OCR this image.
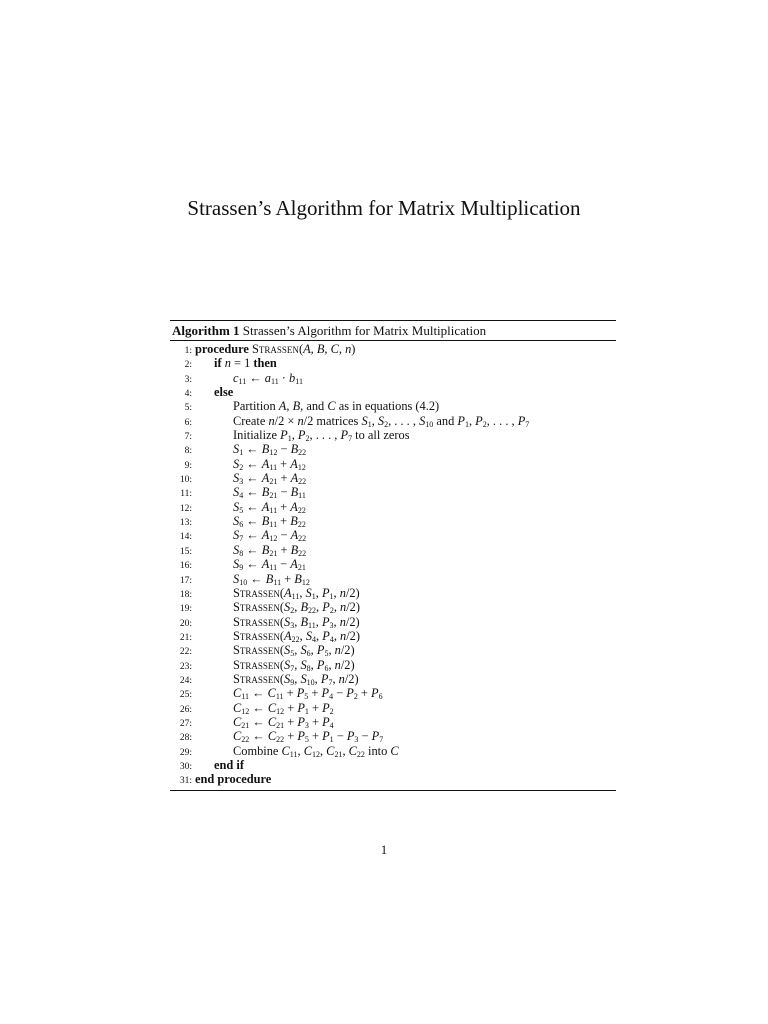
Strassen’s Algorithm for Matrix Multiplication
Algorithm 1 Strassen’s Algorithm for Matrix Multiplication
1: procedure Strassen(A, B, C, n)
2:	if n = 1 then
3:	$c_{11}$ ← $a_{11} \cdot b_{11}$
4:	else
5:	Partition A, B, and C as in equations (4.2)
6:	Create n/2 × n/2 matrices $S_1$, $S_2$, . . . , $S_{10}$ and $P_1$, $P_2$, . . . , $P_7$
7:	Initialize $P_1$, $P_2$, . . . , $P_7$ to all zeros
8:	$S_1$ ← $B_{12} - B_{22}$
9:	$S_2$ ← $A_{11} + A_{12}$
10:	$S_3$ ← $A_{21} + A_{22}$
11:	$S_4$ ← $B_{21} - B_{11}$
12:	$S_5$ ← $A_{11} + A_{22}$
13:	$S_6$ ← $B_{11} + B_{22}$
14:	$S_7$ ← $A_{12} - A_{22}$
15:	$S_8$ ← $B_{21} + B_{22}$
16:	$S_9$ ← $A_{11} - A_{21}$
17:	$S_{10}$ ← $B_{11} + B_{12}$
18:	$Strassen(A_{11}$, $S_1$, $P_1$, n/2)
19:	$Strassen(S_2$, $B_{22}$, $P_2$, n/2)
20:	$Strassen(S_3$, $B_{11}$, $P_3$, n/2)
21:	$Strassen(A_{22}$, $S_4$, $P_4$, n/2)
22:	$Strassen(S_5$, $S_6$, $P_5$, n/2)
23:	$Strassen(S_7$, $S_8$, $P_6$, n/2)
24:	$Strassen(S_9$, $S_{10}$, $P_7$, n/2)
25:	$C_{11}$ ← $C_{11} + P_5 + P_4 - P_2 + P_6$
26:	$C_{12}$ ← $C_{12} + P_1 + P_2$
27:	$C_{21}$ ← $C_{21} + P_3 + P_4$
28:	$C_{22}$ ← $C_{22} + P_5 + P_1 - P_3 - P_7$
29:	Combine $C_{11}$, $C_{12}$, $C_{21}$, $C_{22}$ into C
30:	end if
31: end procedure
1
